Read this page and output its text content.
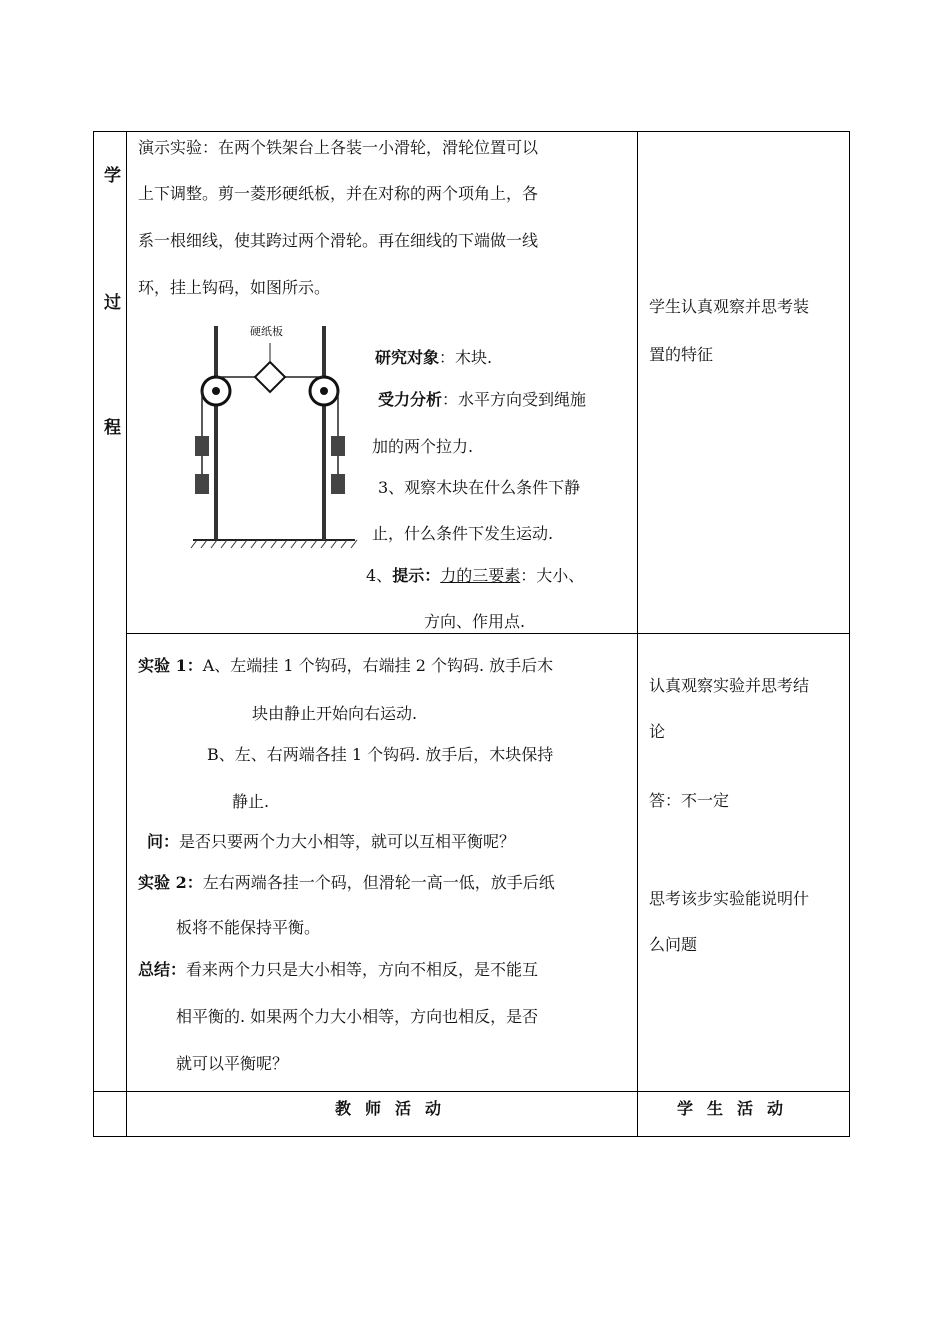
学
过
程
演示实验：在两个铁架台上各装一小滑轮，滑轮位置可以
上下调整。剪一菱形硬纸板，并在对称的两个项角上，各
系一根细线，使其跨过两个滑轮。再在细线的下端做一线
环，挂上钩码，如图所示。
硬纸板
研究对象：木块.
受力分析：水平方向受到绳施
加的两个拉力.
3、观察木块在什么条件下静
止，什么条件下发生运动.
4、提示：力的三要素：大小、
方向、作用点.
学生认真观察并思考装
置的特征
实验 1：A、左端挂 1 个钩码，右端挂 2 个钩码. 放手后木
块由静止开始向右运动.
B、左、右两端各挂 1 个钩码. 放手后，木块保持
静止.
问：是否只要两个力大小相等，就可以互相平衡呢？
实验 2：左右两端各挂一个码，但滑轮一高一低，放手后纸
板将不能保持平衡。
总结：看来两个力只是大小相等，方向不相反，是不能互
相平衡的. 如果两个力大小相等，方向也相反，是否
就可以平衡呢？
认真观察实验并思考结
论
答：不一定
思考该步实验能说明什
么问题
教师活动	学生活动
